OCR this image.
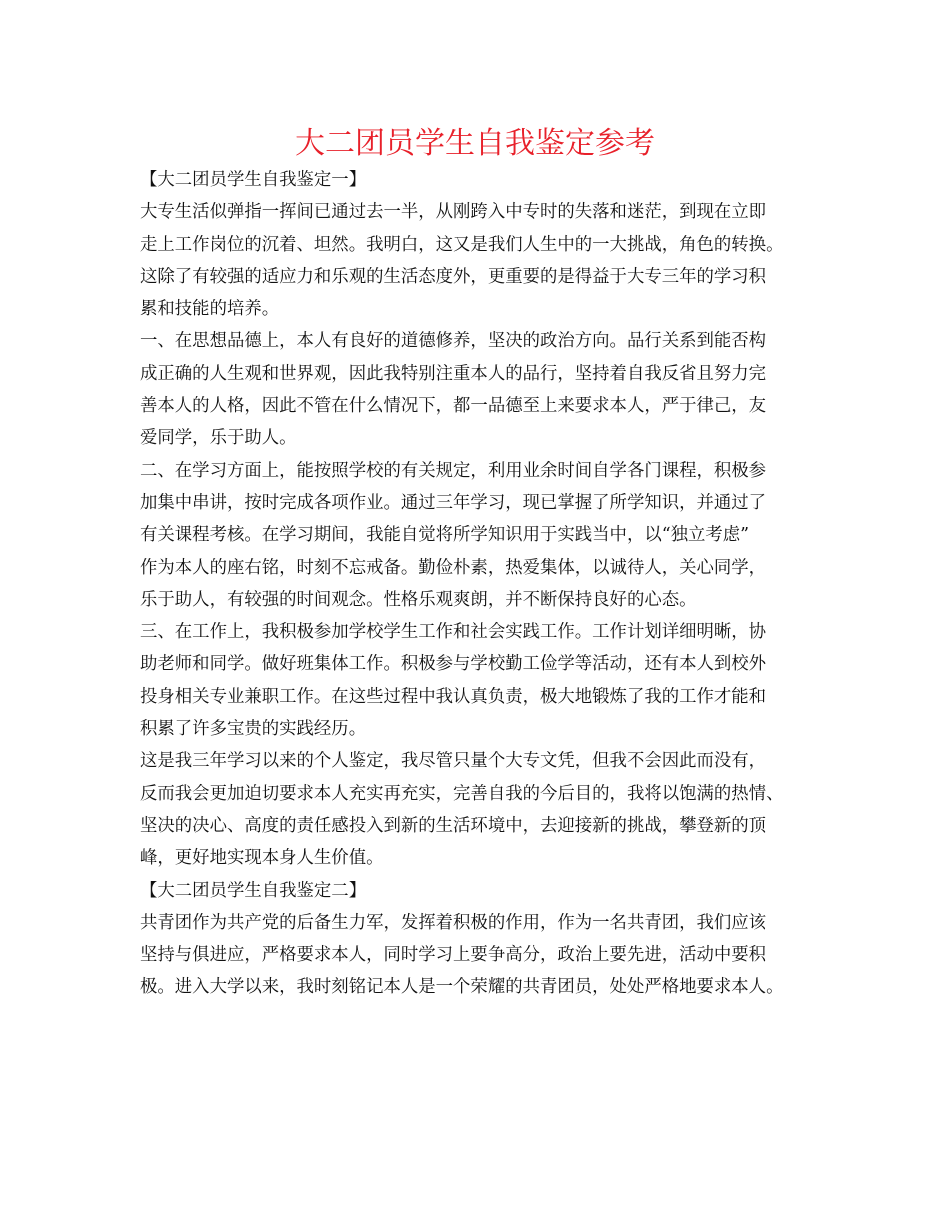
大二团员学生自我鉴定参考
【大二团员学生自我鉴定一】
大专生活似弹指一挥间已通过去一半，从刚跨入中专时的失落和迷茫，到现在立即
走上工作岗位的沉着、坦然。我明白，这又是我们人生中的一大挑战，角色的转换。
这除了有较强的适应力和乐观的生活态度外，更重要的是得益于大专三年的学习积
累和技能的培养。
一、在思想品德上，本人有良好的道德修养，坚决的政治方向。品行关系到能否构
成正确的人生观和世界观，因此我特别注重本人的品行，坚持着自我反省且努力完
善本人的人格，因此不管在什么情况下，都一品德至上来要求本人，严于律己，友
爱同学，乐于助人。
二、在学习方面上，能按照学校的有关规定，利用业余时间自学各门课程，积极参
加集中串讲，按时完成各项作业。通过三年学习，现已掌握了所学知识，并通过了
有关课程考核。在学习期间，我能自觉将所学知识用于实践当中，以“独立考虑”
作为本人的座右铭，时刻不忘戒备。勤俭朴素，热爱集体，以诚待人，关心同学，
乐于助人，有较强的时间观念。性格乐观爽朗，并不断保持良好的心态。
三、在工作上，我积极参加学校学生工作和社会实践工作。工作计划详细明晰，协
助老师和同学。做好班集体工作。积极参与学校勤工俭学等活动，还有本人到校外
投身相关专业兼职工作。在这些过程中我认真负责，极大地锻炼了我的工作才能和
积累了许多宝贵的实践经历。
这是我三年学习以来的个人鉴定，我尽管只量个大专文凭，但我不会因此而没有，
反而我会更加迫切要求本人充实再充实，完善自我的今后目的，我将以饱满的热情、
坚决的决心、高度的责任感投入到新的生活环境中，去迎接新的挑战，攀登新的顶
峰，更好地实现本身人生价值。
【大二团员学生自我鉴定二】
共青团作为共产党的后备生力军，发挥着积极的作用，作为一名共青团，我们应该
坚持与俱进应，严格要求本人，同时学习上要争高分，政治上要先进，活动中要积
极。进入大学以来，我时刻铭记本人是一个荣耀的共青团员，处处严格地要求本人。
